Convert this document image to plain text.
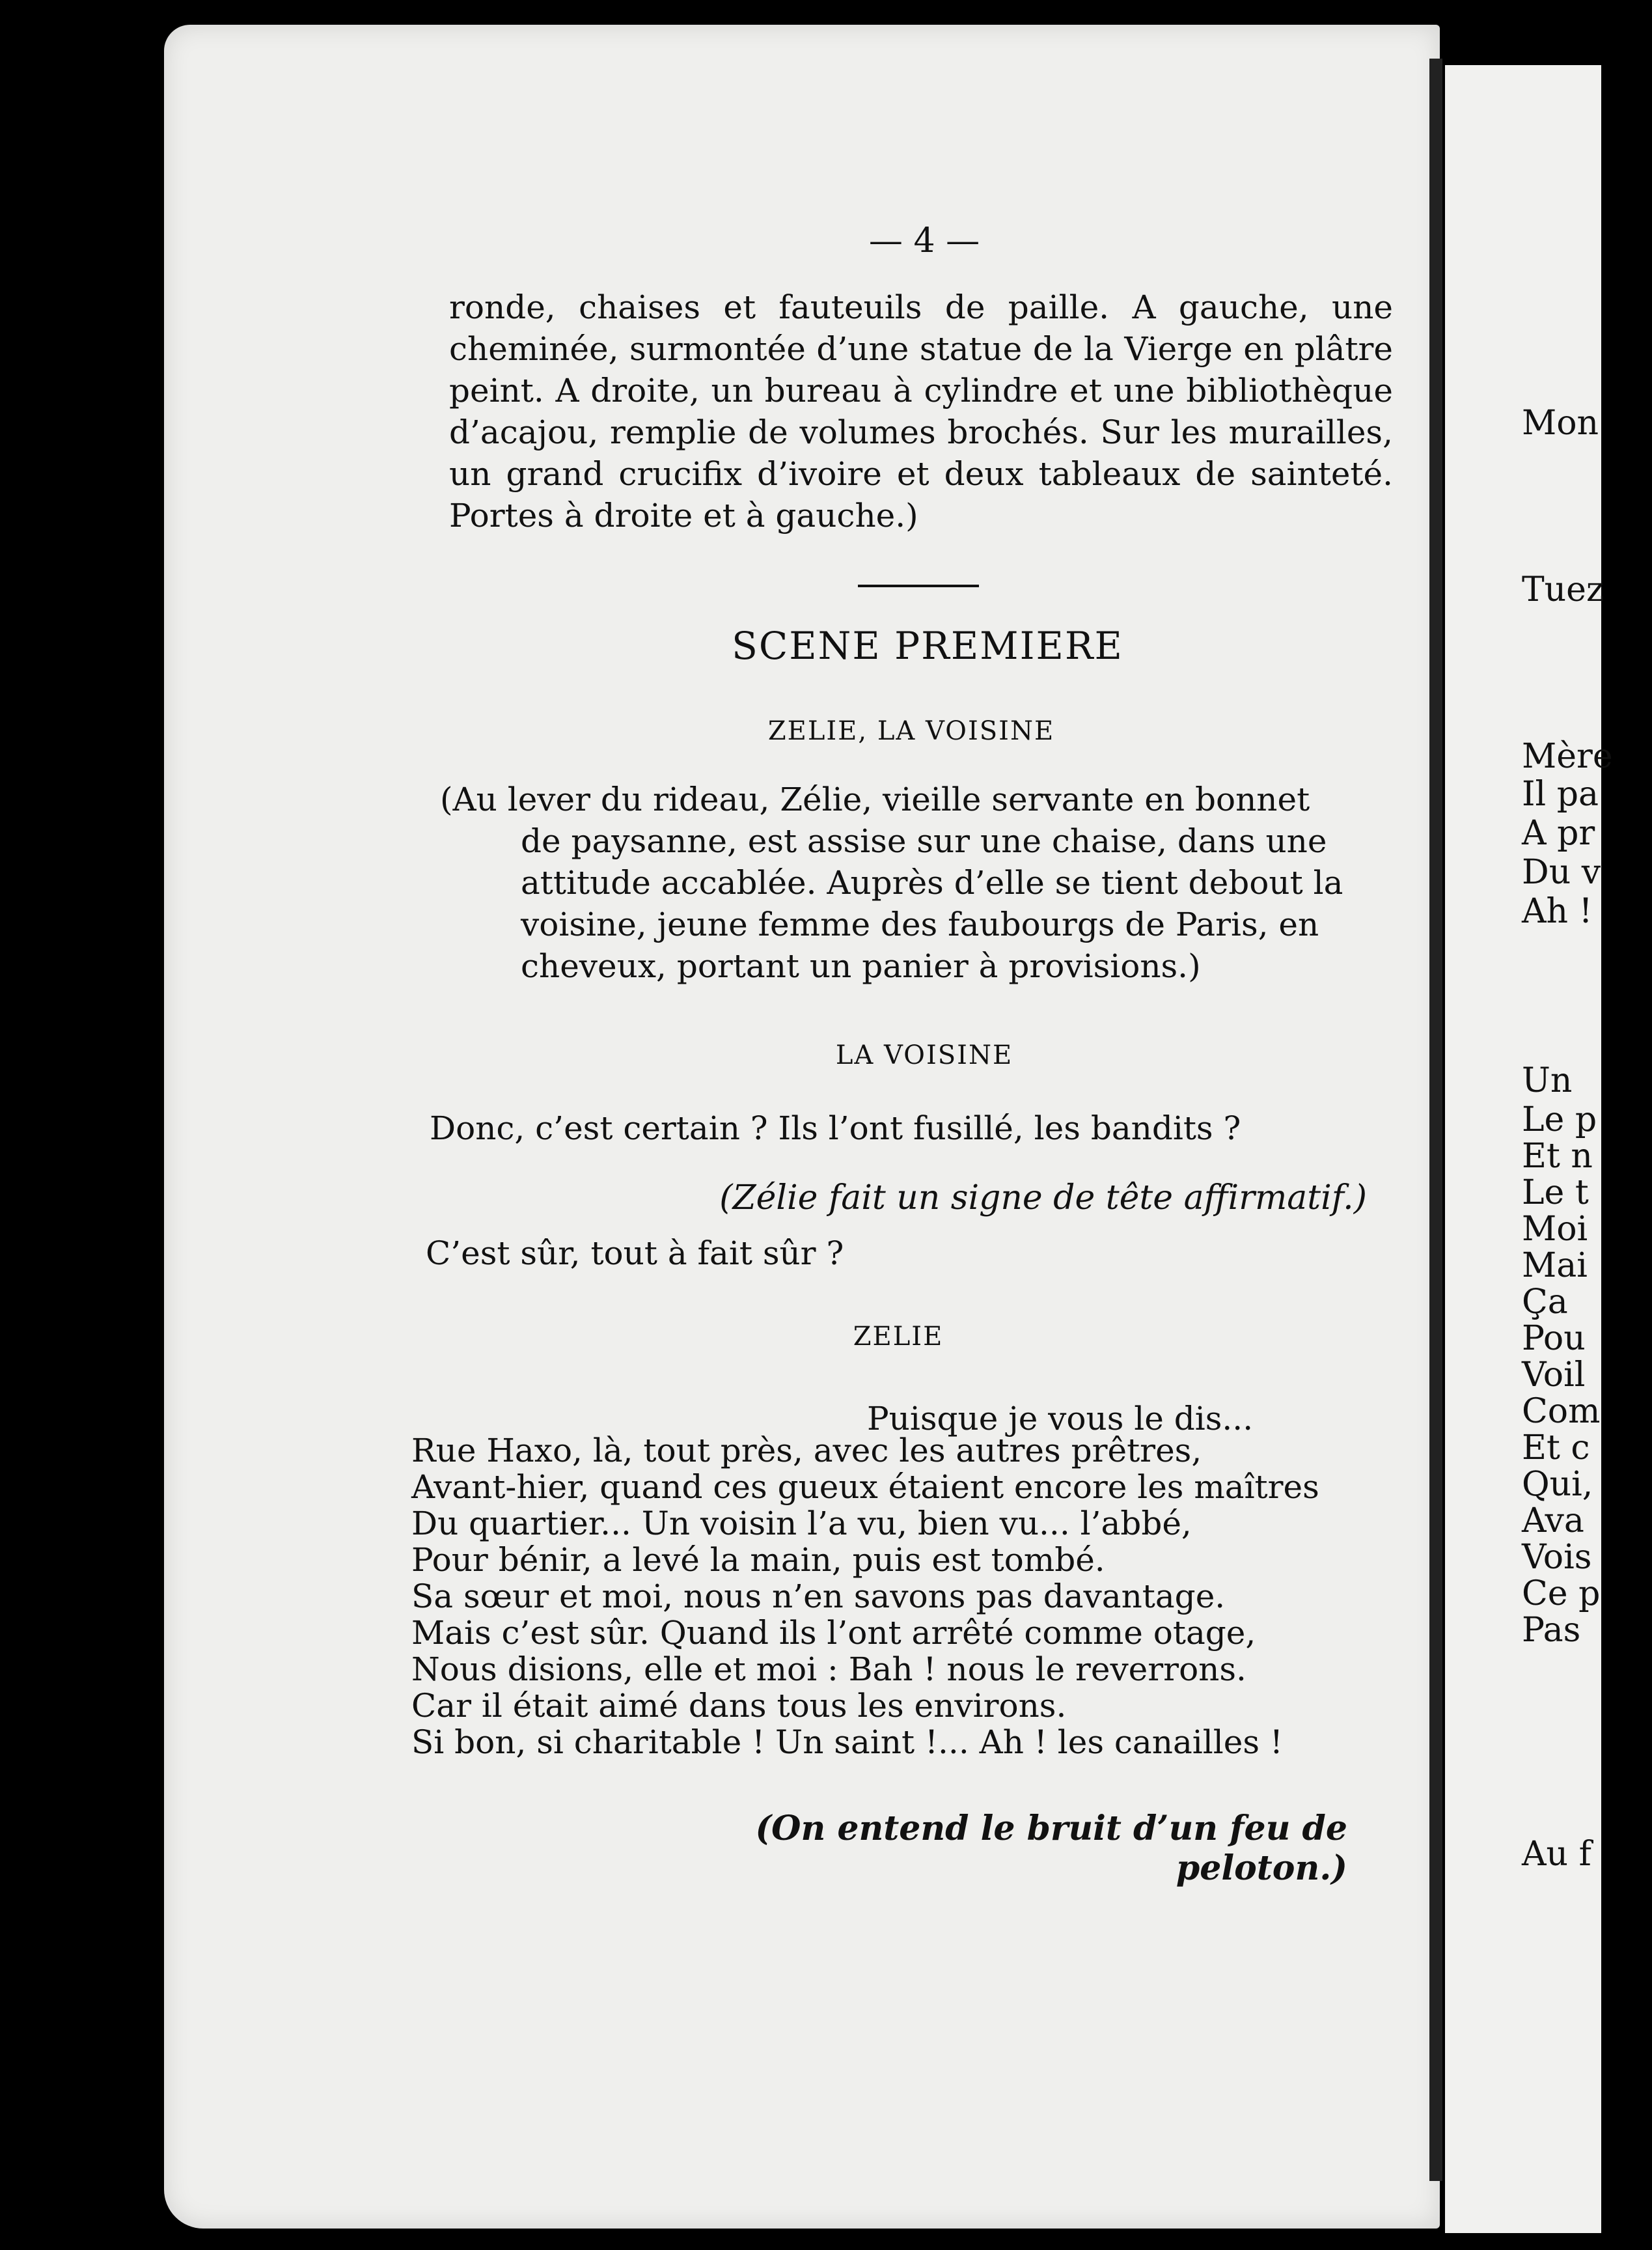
— 4 —

ronde, chaises et fauteuils de paille. A gauche, une cheminée, surmontée d’une statue de la Vierge en plâtre peint. A droite, un bureau à cylindre et une bibliothèque d’acajou, remplie de volumes brochés. Sur les murailles, un grand crucifix d’ivoire et deux tableaux de sainteté. Portes à droite et à gauche.)

SCENE PREMIERE

ZELIE, LA VOISINE

(Au lever du rideau, Zélie, vieille servante en bonnet
de paysanne, est assise sur une chaise, dans une
attitude accablée. Auprès d’elle se tient debout la
voisine, jeune femme des faubourgs de Paris, en
cheveux, portant un panier à provisions.)

LA VOISINE

Donc, c’est certain ? Ils l’ont fusillé, les bandits ?

(Zélie fait un signe de tête affirmatif.)

C’est sûr, tout à fait sûr ?

ZELIE

Puisque je vous le dis...

Rue Haxo, là, tout près, avec les autres prêtres,
Avant-hier, quand ces gueux étaient encore les maîtres
Du quartier... Un voisin l’a vu, bien vu... l’abbé,
Pour bénir, a levé la main, puis est tombé.
Sa sœur et moi, nous n’en savons pas davantage.
Mais c’est sûr. Quand ils l’ont arrêté comme otage,
Nous disions, elle et moi : Bah ! nous le reverrons.
Car il était aimé dans tous les environs.
Si bon, si charitable ! Un saint !... Ah ! les canailles !

(On entend le bruit d’un feu de peloton.)

Mon
Tuez
Mère
Il pa
A pr
Du v
Ah !
Un
Le p
Et n
Le t
Moi
Mai
Ça
Pou
Voil
Com
Et c
Qui,
Ava
Vois
Ce p
Pas
Au f
